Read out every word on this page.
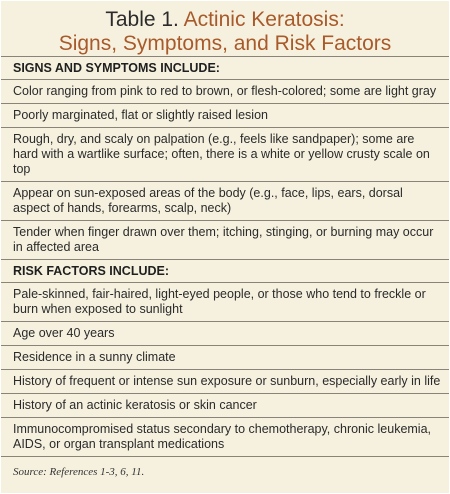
Table 1. Actinic Keratosis:
Signs, Symptoms, and Risk Factors
SIGNS AND SYMPTOMS INCLUDE:
Color ranging from pink to red to brown, or flesh-colored; some are light gray
Poorly marginated, flat or slightly raised lesion
Rough, dry, and scaly on palpation (e.g., feels like sandpaper); some are hard with a wartlike surface; often, there is a white or yellow crusty scale on top
Appear on sun-exposed areas of the body (e.g., face, lips, ears, dorsal aspect of hands, forearms, scalp, neck)
Tender when finger drawn over them; itching, stinging, or burning may occur in affected area
RISK FACTORS INCLUDE:
Pale-skinned, fair-haired, light-eyed people, or those who tend to freckle or burn when exposed to sunlight
Age over 40 years
Residence in a sunny climate
History of frequent or intense sun exposure or sunburn, especially early in life
History of an actinic keratosis or skin cancer
Immunocompromised status secondary to chemotherapy, chronic leukemia, AIDS, or organ transplant medications
Source: References 1-3, 6, 11.
